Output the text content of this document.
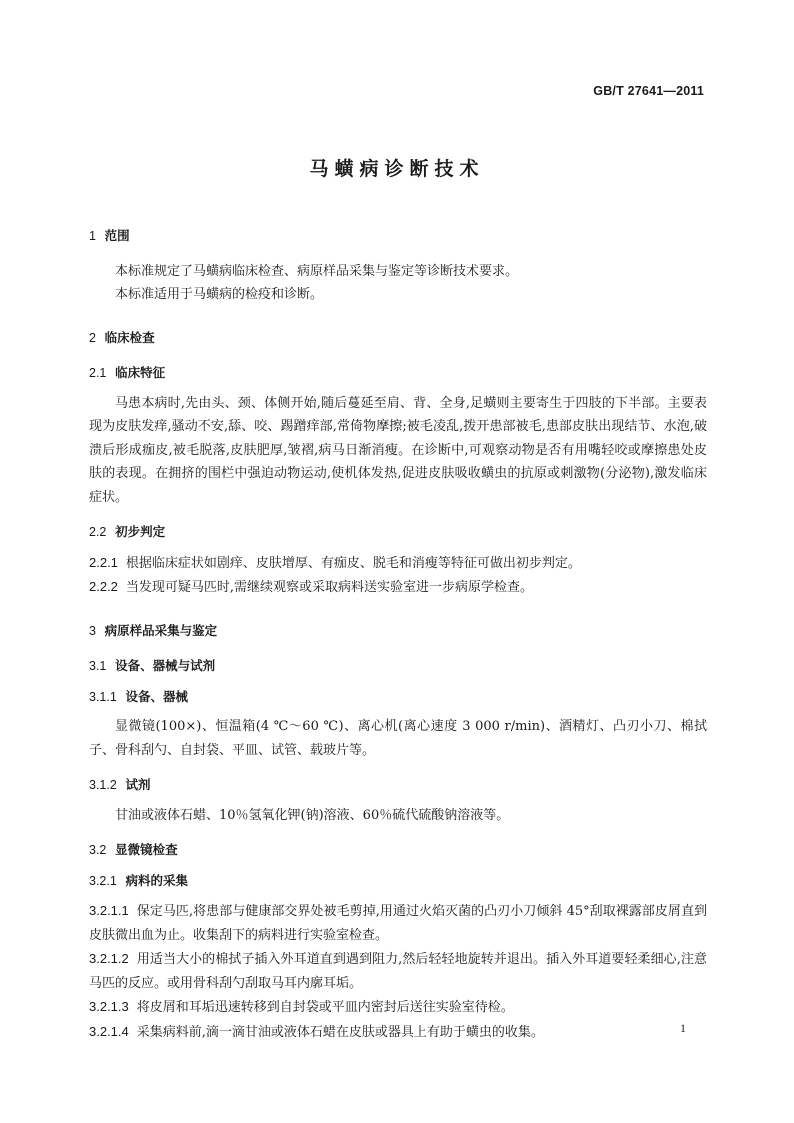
GB/T 27641—2011
马蟥病诊断技术
1 范围

本标准规定了马蟥病临床检查、病原样品采集与鉴定等诊断技术要求。

本标准适用于马蟥病的检疫和诊断。

2 临床检查
2.1 临床特征

马患本病时,先由头、颈、体侧开始,随后蔓延至肩、背、全身,足蟥则主要寄生于四肢的下半部。主要表现为皮肤发痒,骚动不安,舔、咬、踢蹭痒部,常倚物摩擦;被毛凌乱,拨开患部被毛,患部皮肤出现结节、水泡,破溃后形成痂皮,被毛脱落,皮肤肥厚,皱褶,病马日渐消瘦。在诊断中,可观察动物是否有用嘴轻咬或摩擦患处皮肤的表现。在拥挤的围栏中强迫动物运动,使机体发热,促进皮肤吸收蟥虫的抗原或刺激物(分泌物),激发临床症状。

2.2 初步判定

2.2.1 根据临床症状如剧痒、皮肤增厚、有痂皮、脱毛和消瘦等特征可做出初步判定。

2.2.2 当发现可疑马匹时,需继续观察或采取病料送实验室进一步病原学检查。

3 病原样品采集与鉴定
3.1 设备、器械与试剂
3.1.1 设备、器械

显微镜(100×)、恒温箱(4 ℃～60 ℃)、离心机(离心速度 3 000 r/min)、酒精灯、凸刃小刀、棉拭子、骨科刮勺、自封袋、平皿、试管、载玻片等。

3.1.2 试剂

甘油或液体石蜡、10％氢氧化钾(钠)溶液、60％硫代硫酸钠溶液等。

3.2 显微镜检查
3.2.1 病料的采集

3.2.1.1 保定马匹,将患部与健康部交界处被毛剪掉,用通过火焰灭菌的凸刃小刀倾斜 45°刮取裸露部皮屑直到皮肤微出血为止。收集刮下的病料进行实验室检查。

3.2.1.2 用适当大小的棉拭子插入外耳道直到遇到阻力,然后轻轻地旋转并退出。插入外耳道要轻柔细心,注意马匹的反应。或用骨科刮勺刮取马耳内廓耳垢。

3.2.1.3 将皮屑和耳垢迅速转移到自封袋或平皿内密封后送往实验室待检。

3.2.1.4 采集病料前,滴一滴甘油或液体石蜡在皮肤或器具上有助于蟥虫的收集。	1
